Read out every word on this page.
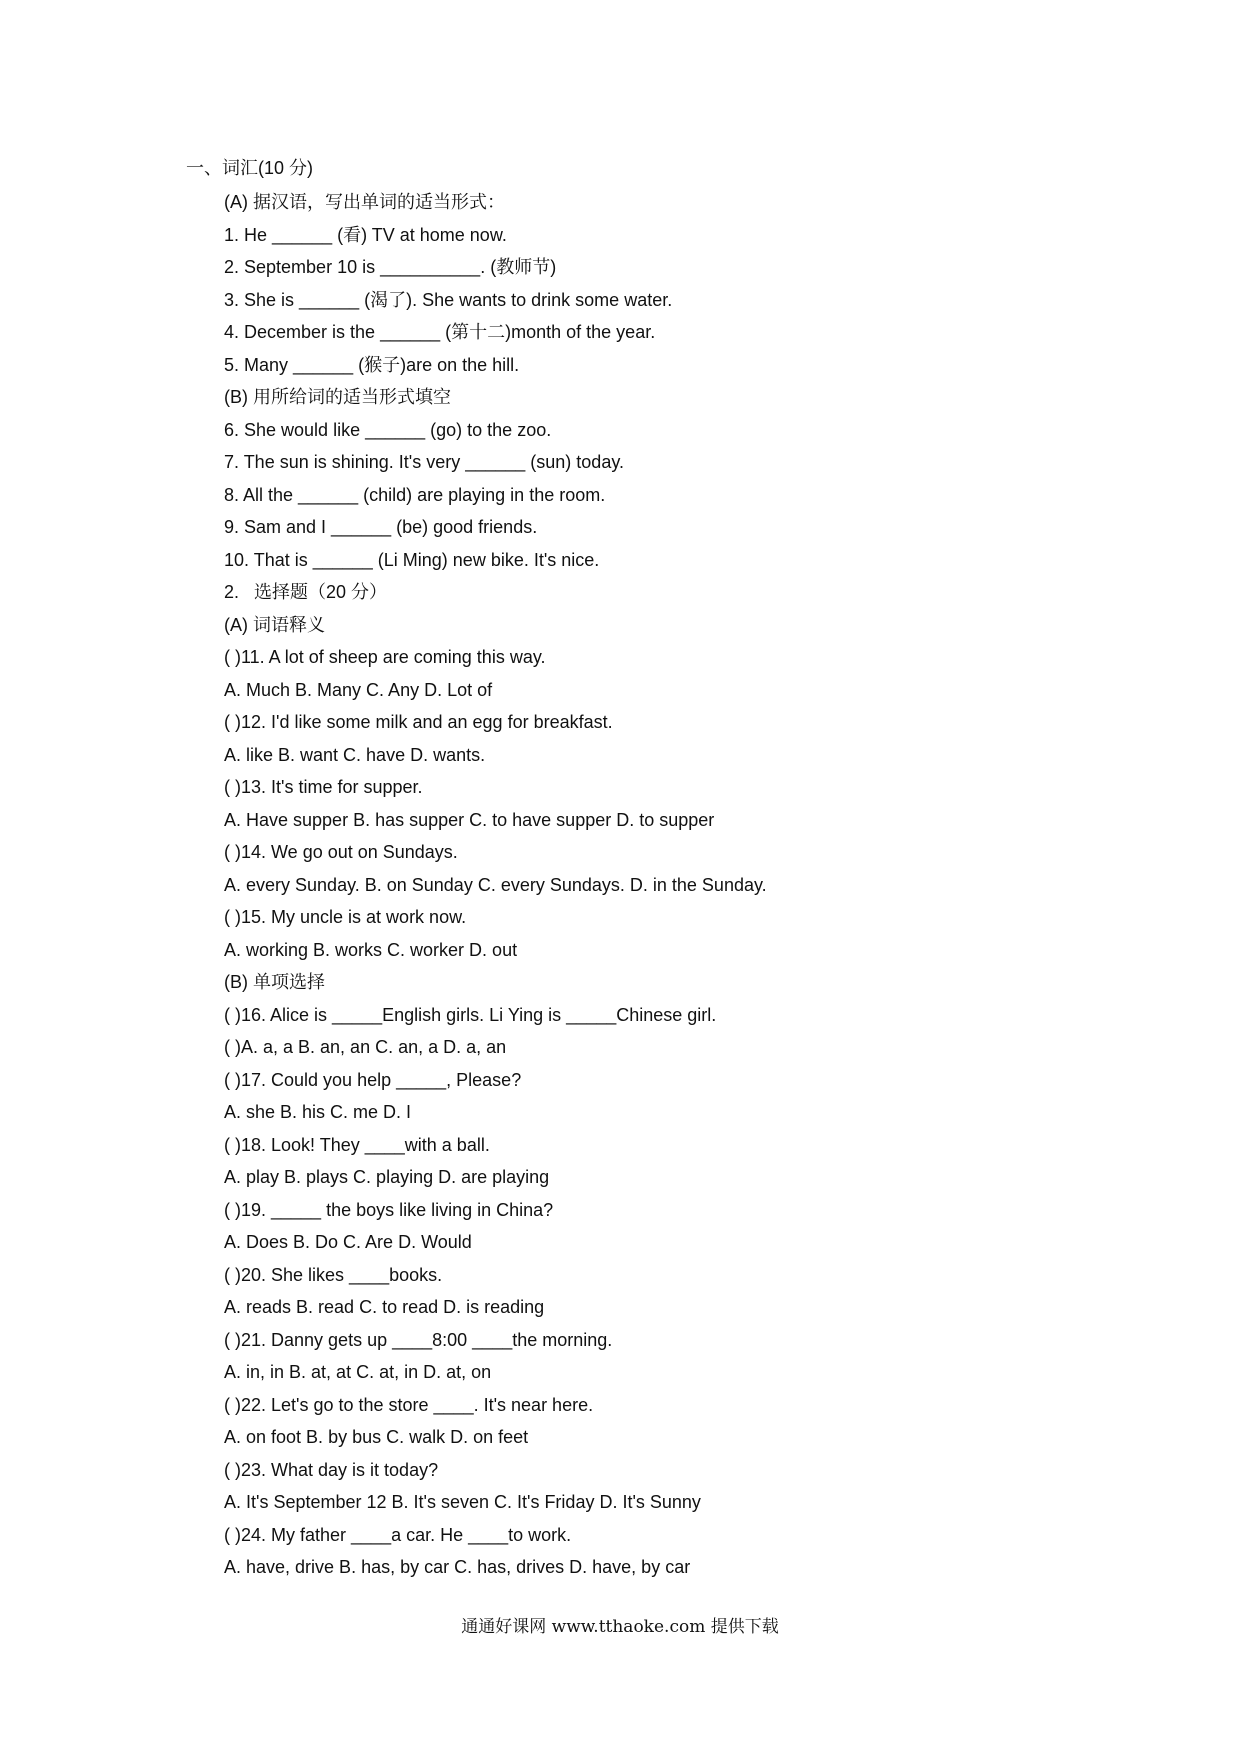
一、词汇(10 分)
(A) 据汉语，写出单词的适当形式：
1. He ______ (看) TV at home now.
2. September 10 is __________. (教师节)
3. She is ______ (渴了). She wants to drink some water.
4. December is the ______ (第十二)month of the year.
5. Many ______ (猴子)are on the hill.
(B) 用所给词的适当形式填空
6. She would like ______ (go) to the zoo.
7. The sun is shining. It's very ______ (sun) today.
8. All the ______ (child) are playing in the room.
9. Sam and I ______ (be) good friends.
10. That is ______ (Li Ming) new bike. It's nice.
2.   选择题（20 分）
(A) 词语释义
( )11. A lot of sheep are coming this way.
A. Much B. Many C. Any D. Lot of
( )12. I'd like some milk and an egg for breakfast.
A. like B. want C. have D. wants.
( )13. It's time for supper.
A. Have supper B. has supper C. to have supper D. to supper
( )14. We go out on Sundays.
A. every Sunday. B. on Sunday C. every Sundays. D. in the Sunday.
( )15. My uncle is at work now.
A. working B. works C. worker D. out
(B) 单项选择
( )16. Alice is _____English girls. Li Ying is _____Chinese girl.
( )A. a, a B. an, an C. an, a D. a, an
( )17. Could you help _____, Please?
A. she B. his C. me D. I
( )18. Look! They ____with a ball.
A. play B. plays C. playing D. are playing
( )19. _____ the boys like living in China?
A. Does B. Do C. Are D. Would
( )20. She likes ____books.
A. reads B. read C. to read D. is reading
( )21. Danny gets up ____8:00 ____the morning.
A. in, in B. at, at C. at, in D. at, on
( )22. Let's go to the store ____. It's near here.
A. on foot B. by bus C. walk D. on feet
( )23. What day is it today?
A. It's September 12 B. It's seven C. It's Friday D. It's Sunny
( )24. My father ____a car. He ____to work.
A. have, drive B. has, by car C. has, drives D. have, by car
通通好课网 www.tthaoke.com 提供下载
